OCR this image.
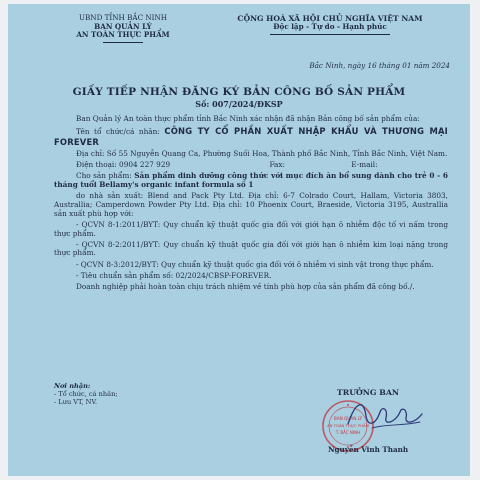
UBND TỈNH BẮC NINH
BAN QUẢN LÝ
AN TOÀN THỰC PHẨM
CỘNG HOÀ XÃ HỘI CHỦ NGHĨA VIỆT NAM
Độc lập - Tự do - Hạnh phúc
Bắc Ninh, ngày 16 tháng 01 năm 2024
GIẤY TIẾP NHẬN ĐĂNG KÝ BẢN CÔNG BỐ SẢN PHẨM
Số: 007/2024/ĐKSP

Ban Quản lý An toàn thực phẩm tỉnh Bắc Ninh xác nhận đã nhận Bản công bố sản phẩm của:

Tên tổ chức/cá nhân: CÔNG TY CỔ PHẦN XUẤT NHẬP KHẨU VÀ THƯƠNG MẠI FOREVER

Địa chỉ: Số 55 Nguyễn Quang Ca, Phường Suối Hoa, Thành phố Bắc Ninh, Tỉnh Bắc Ninh, Việt Nam.

Điện thoại: 0904 227 929	Fax:	E-mail:

Cho sản phẩm: Sản phẩm dinh dưỡng công thức với mục đích ăn bổ sung dành cho trẻ 0 - 6 tháng tuổi Bellamy's organic infant formula số 1

do nhà sản xuất: Blend and Pack Pty Ltd. Địa chỉ: 6-7 Colrado Court, Hallam, Victoria 3803, Australlia; Camperdown Powder Pty Ltd. Địa chỉ: 10 Phoenix Court, Braeside, Victoria 3195, Australlia sản xuất phù hợp với:

- QCVN 8-1:2011/BYT: Quy chuẩn kỹ thuật quốc gia đối với giới hạn ô nhiễm độc tố vi nấm trong thực phẩm.

- QCVN 8-2:2011/BYT: Quy chuẩn kỹ thuật quốc gia đối với giới hạn ô nhiễm kim loại nặng trong thực phẩm.

- QCVN 8-3:2012/BYT: Quy chuẩn kỹ thuật quốc gia đối với ô nhiễm vi sinh vật trong thực phẩm.

- Tiêu chuẩn sản phẩm số: 02/2024/CBSP-FOREVER.

Doanh nghiệp phải hoàn toàn chịu trách nhiệm về tính phù hợp của sản phẩm đã công bố./.

Nơi nhận:
- Tổ chức, cá nhân;
- Lưu VT, NV.
TRƯỞNG BAN
BAN QUẢN LÝ
AN TOÀN THỰC PHẨM
T. BẮC NINH
Nguyễn Vinh Thanh
